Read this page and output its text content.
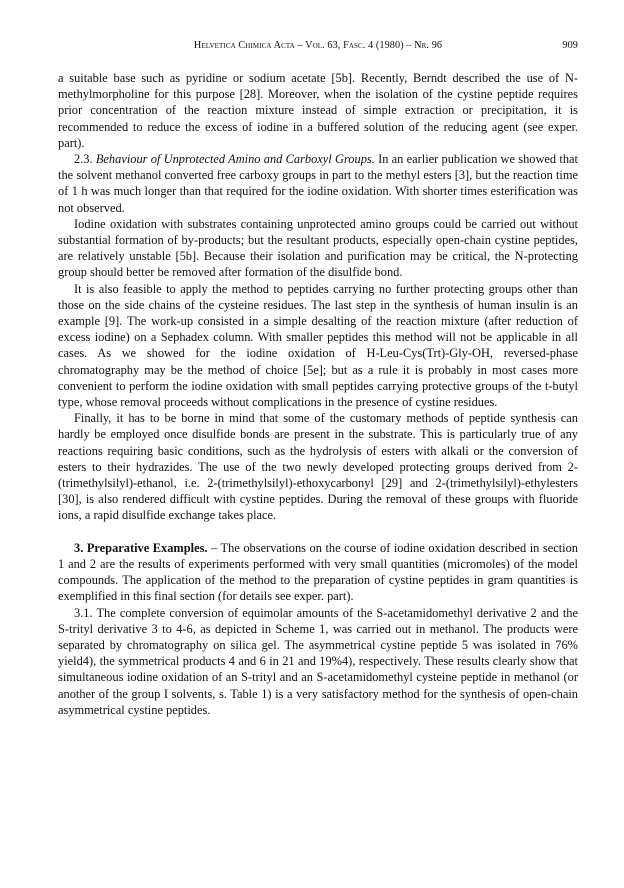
Helvetica Chimica Acta – Vol. 63, Fasc. 4 (1980) – Nr. 96	909

a suitable base such as pyridine or sodium acetate [5b]. Recently, Berndt described the use of N-methylmorpholine for this purpose [28]. Moreover, when the isolation of the cystine peptide requires prior concentration of the reaction mixture instead of simple extraction or precipitation, it is recommended to reduce the excess of iodine in a buffered solution of the reducing agent (see exper. part).

2.3. Behaviour of Unprotected Amino and Carboxyl Groups. In an earlier publication we showed that the solvent methanol converted free carboxy groups in part to the methyl esters [3], but the reaction time of 1 h was much longer than that required for the iodine oxidation. With shorter times esterification was not observed.

Iodine oxidation with substrates containing unprotected amino groups could be carried out without substantial formation of by-products; but the resultant products, especially open-chain cystine peptides, are relatively unstable [5b]. Because their isolation and purification may be critical, the N-protecting group should better be removed after formation of the disulfide bond.

It is also feasible to apply the method to peptides carrying no further protecting groups other than those on the side chains of the cysteine residues. The last step in the synthesis of human insulin is an example [9]. The work-up consisted in a simple desalting of the reaction mixture (after reduction of excess iodine) on a Sephadex column. With smaller peptides this method will not be applicable in all cases. As we showed for the iodine oxidation of H-Leu-Cys(Trt)-Gly-OH, reversed-phase chromatography may be the method of choice [5e]; but as a rule it is probably in most cases more convenient to perform the iodine oxidation with small peptides carrying protective groups of the t-butyl type, whose removal proceeds without complications in the presence of cystine residues.

Finally, it has to be borne in mind that some of the customary methods of peptide synthesis can hardly be employed once disulfide bonds are present in the substrate. This is particularly true of any reactions requiring basic conditions, such as the hydrolysis of esters with alkali or the conversion of esters to their hydrazides. The use of the two newly developed protecting groups derived from 2-(trimethylsilyl)-ethanol, i.e. 2-(trimethylsilyl)-ethoxycarbonyl [29] and 2-(trimethylsilyl)-ethylesters [30], is also rendered difficult with cystine peptides. During the removal of these groups with fluoride ions, a rapid disulfide exchange takes place.

3. Preparative Examples. – The observations on the course of iodine oxidation described in section 1 and 2 are the results of experiments performed with very small quantities (micromoles) of the model compounds. The application of the method to the preparation of cystine peptides in gram quantities is exemplified in this final section (for details see exper. part).

3.1. The complete conversion of equimolar amounts of the S-acetamidomethyl derivative 2 and the S-trityl derivative 3 to 4-6, as depicted in Scheme 1, was carried out in methanol. The products were separated by chromatography on silica gel. The asymmetrical cystine peptide 5 was isolated in 76% yield4), the symmetrical products 4 and 6 in 21 and 19%4), respectively. These results clearly show that simultaneous iodine oxidation of an S-trityl and an S-acetamidomethyl cysteine peptide in methanol (or another of the group I solvents, s. Table 1) is a very satisfactory method for the synthesis of open-chain asymmetrical cystine peptides.
